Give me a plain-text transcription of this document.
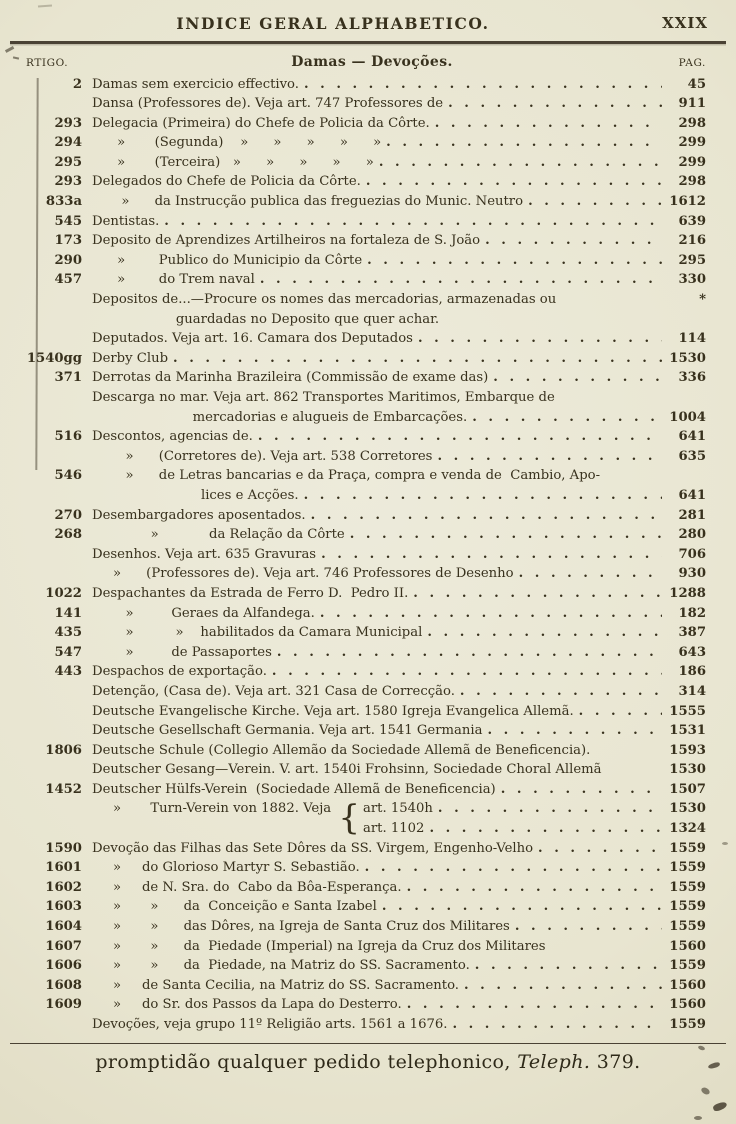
INDICE GERAL ALPHABETICO.	XXIX
RTIGO.	Damas — Devoções.	PAG.
2 Damas sem exercicio effectivo. . . .	45
Dansa (Professores de). Veja art. 747 Professores de . . .	911
293 Delegacia (Primeira) do Chefe de Policia da Côrte. . . .	298
294 »       (Segunda)    »      »      »      »      » . . .	299
295 »       (Terceira)   »      »      »      »      » . . .	299
293 Delegados do Chefe de Policia da Côrte. . . .	298
833a »      da Instrucção publica das freguezias do Munic. Neutro . . .	1612
545 Dentistas. . . .	639
173 Deposito de Aprendizes Artilheiros na fortaleza de S. João . . .	216
290 »        Publico do Municipio da Côrte . . .	295
457 »        do Trem naval . . .	330
Depositos de...—Procure os nomes das mercadorias, armazenadas ou	*
guardadas no Deposito que quer achar.
Deputados. Veja art. 16. Camara dos Deputados . . .	114
1540gg Derby Club . . .	1530
371 Derrotas da Marinha Brazileira (Commissão de exame das) . . .	336
Descarga no mar. Veja art. 862 Transportes Maritimos, Embarque de
mercadorias e alugueis de Embarcações. . . .	1004
516 Descontos, agencias de. . . .	641
»      (Corretores de). Veja art. 538 Corretores . . .	635
546 »      de Letras bancarias e da Praça, compra e venda de  Cambio, Apo-
lices e Acções. . . .	641
270 Desembargadores aposentados. . . .	281
268 »            da Relação da Côrte . . .	280
Desenhos. Veja art. 635 Gravuras . . .	706
»      (Professores de). Veja art. 746 Professores de Desenho . . .	930
1022 Despachantes da Estrada de Ferro D.  Pedro II. . . .	1288
141 »         Geraes da Alfandega. . . .	182
435 »          »    habilitados da Camara Municipal . . .	387
547 »         de Passaportes . . .	643
443 Despachos de exportação. . . .	186
Detenção, (Casa de). Veja art. 321 Casa de Correcção. . . .	314
Deutsche Evangelische Kirche. Veja art. 1580 Igreja Evangelica Allemã. . . .	1555
Deutsche Gesellschaft Germania. Veja art. 1541 Germania . . .	1531
1806 Deutsche Schule (Collegio Allemão da Sociedade Allemã de Beneficencia).	1593
Deutscher Gesang—Verein. V. art. 1540i Frohsinn, Sociedade Choral Allemã	1530
1452 Deutscher Hülfs-Verein  (Sociedade Allemã de Beneficencia) . . .	1507
»       Turn-Verein von 1882. Veja { art. 1540h . . .	1530
art. 1102 . . .	1324
1590 Devoção das Filhas das Sete Dôres da SS. Virgem, Engenho-Velho . . .	1559
1601 »     do Glorioso Martyr S. Sebastião. . . .	1559
1602 »     de N. Sra. do  Cabo da Bôa-Esperança. . . .	1559
1603 »       »      da  Conceição e Santa Izabel . . .	1559
1604 »       »      das Dôres, na Igreja de Santa Cruz dos Militares . . .	1559
1607 »       »      da  Piedade (Imperial) na Igreja da Cruz dos Militares	1560
1606 »       »      da  Piedade, na Matriz do SS. Sacramento. . . .	1559
1608 »     de Santa Cecilia, na Matriz do SS. Sacramento. . . .	1560
1609 »     do Sr. dos Passos da Lapa do Desterro. . . .	1560
Devoções, veja grupo 11º Religião arts. 1561 a 1676. . . .	1559
promptidão qualquer pedido telephonico, Teleph. 379.
